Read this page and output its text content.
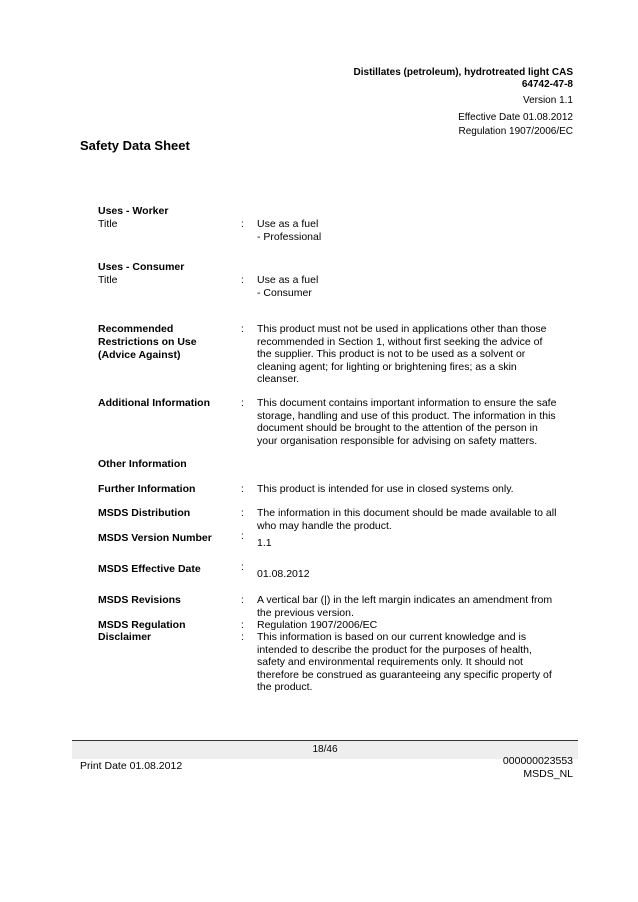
Distillates (petroleum), hydrotreated light CAS
64742-47-8
Version 1.1
Effective Date 01.08.2012
Regulation 1907/2006/EC
Safety Data Sheet
Uses - Worker
Title	: Use as a fuel
- Professional
Uses - Consumer
Title	: Use as a fuel
- Consumer
Recommended
Restrictions on Use
(Advice Against)
: This product must not be used in applications other than those recommended in Section 1, without first seeking the advice of the supplier. This product is not to be used as a solvent or cleaning agent; for lighting or brightening fires; as a skin cleanser.
Additional Information	: This document contains important information to ensure the safe storage, handling and use of this product. The information in this document should be brought to the attention of the person in your organisation responsible for advising on safety matters.
Other Information
Further Information	: This product is intended for use in closed systems only.
MSDS Distribution	: The information in this document should be made available to all who may handle the product.
MSDS Version Number	:
1.1
MSDS Effective Date	:
01.08.2012
MSDS Revisions	: A vertical bar (|) in the left margin indicates an amendment from the previous version.
MSDS Regulation	: Regulation 1907/2006/EC
Disclaimer	: This information is based on our current knowledge and is intended to describe the product for the purposes of health, safety and environmental requirements only. It should not therefore be construed as guaranteeing any specific property of the product.
18/46
Print Date 01.08.2012	000000023553
MSDS_NL
